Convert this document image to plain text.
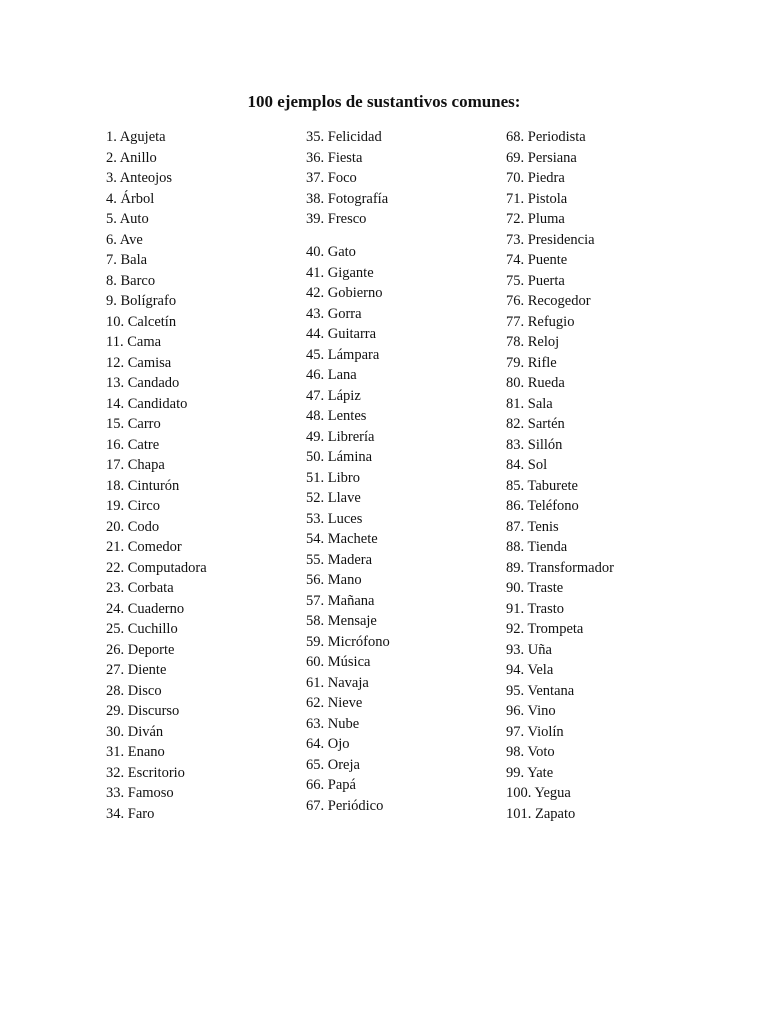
100 ejemplos de sustantivos comunes:
1. Agujeta
2. Anillo
3. Anteojos
4. Árbol
5. Auto
6. Ave
7. Bala
8. Barco
9. Bolígrafo
10. Calcetín
11. Cama
12. Camisa
13. Candado
14. Candidato
15. Carro
16. Catre
17. Chapa
18. Cinturón
19. Circo
20. Codo
21. Comedor
22. Computadora
23. Corbata
24. Cuaderno
25. Cuchillo
26. Deporte
27. Diente
28. Disco
29. Discurso
30. Diván
31. Enano
32. Escritorio
33. Famoso
34. Faro
35. Felicidad
36. Fiesta
37. Foco
38. Fotografía
39. Fresco
40. Gato
41. Gigante
42. Gobierno
43. Gorra
44. Guitarra
45. Lámpara
46. Lana
47. Lápiz
48. Lentes
49. Librería
50. Lámina
51. Libro
52. Llave
53. Luces
54. Machete
55. Madera
56. Mano
57. Mañana
58. Mensaje
59. Micrófono
60. Música
61. Navaja
62. Nieve
63. Nube
64. Ojo
65. Oreja
66. Papá
67. Periódico
68. Periodista
69. Persiana
70. Piedra
71. Pistola
72. Pluma
73. Presidencia
74. Puente
75. Puerta
76. Recogedor
77. Refugio
78. Reloj
79. Rifle
80. Rueda
81. Sala
82. Sartén
83. Sillón
84. Sol
85. Taburete
86. Teléfono
87. Tenis
88. Tienda
89. Transformador
90. Traste
91. Trasto
92. Trompeta
93. Uña
94. Vela
95. Ventana
96. Vino
97. Violín
98. Voto
99. Yate
100. Yegua
101. Zapato
